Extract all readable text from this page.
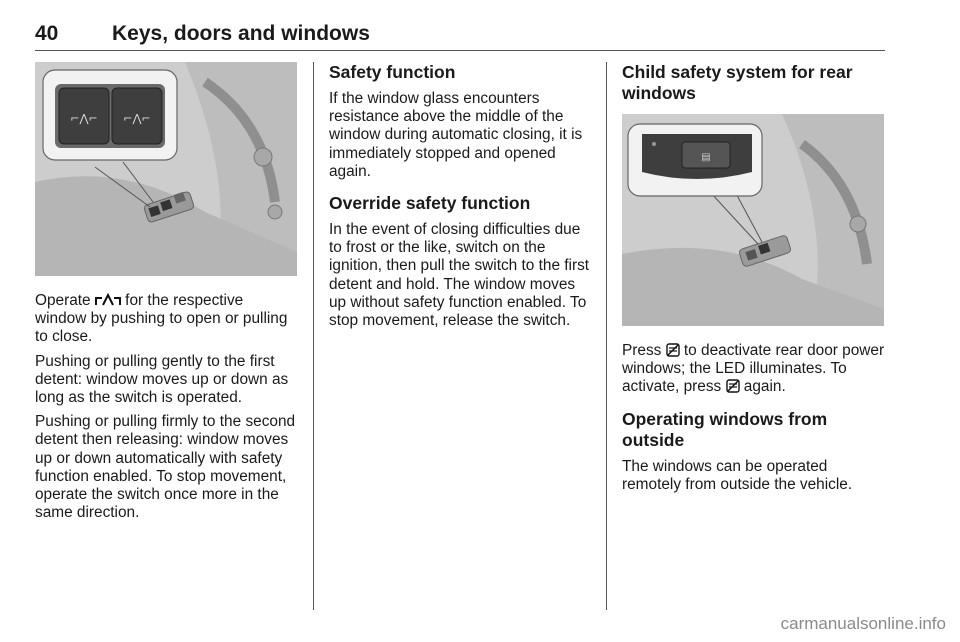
40	Keys, doors and windows
⌐⋀⌐ ⌐⋀⌐

Operate  for the respective window by pushing to open or pulling to close.

Pushing or pulling gently to the first detent: window moves up or down as long as the switch is operated.

Pushing or pulling firmly to the second detent then releasing: window moves up or down automatically with safety function enabled. To stop movement, operate the switch once more in the same direction.

Safety function

If the window glass encounters resistance above the middle of the window during automatic closing, it is immediately stopped and opened again.

Override safety function

In the event of closing difficulties due to frost or the like, switch on the ignition, then pull the switch to the first detent and hold. The window moves up without safety function enabled. To stop movement, release the switch.

Child safety system for rear windows
▤

Press  to deactivate rear door power windows; the LED illuminates. To activate, press  again.

Operating windows from outside

The windows can be operated remotely from outside the vehicle.

carmanualsonline.info
